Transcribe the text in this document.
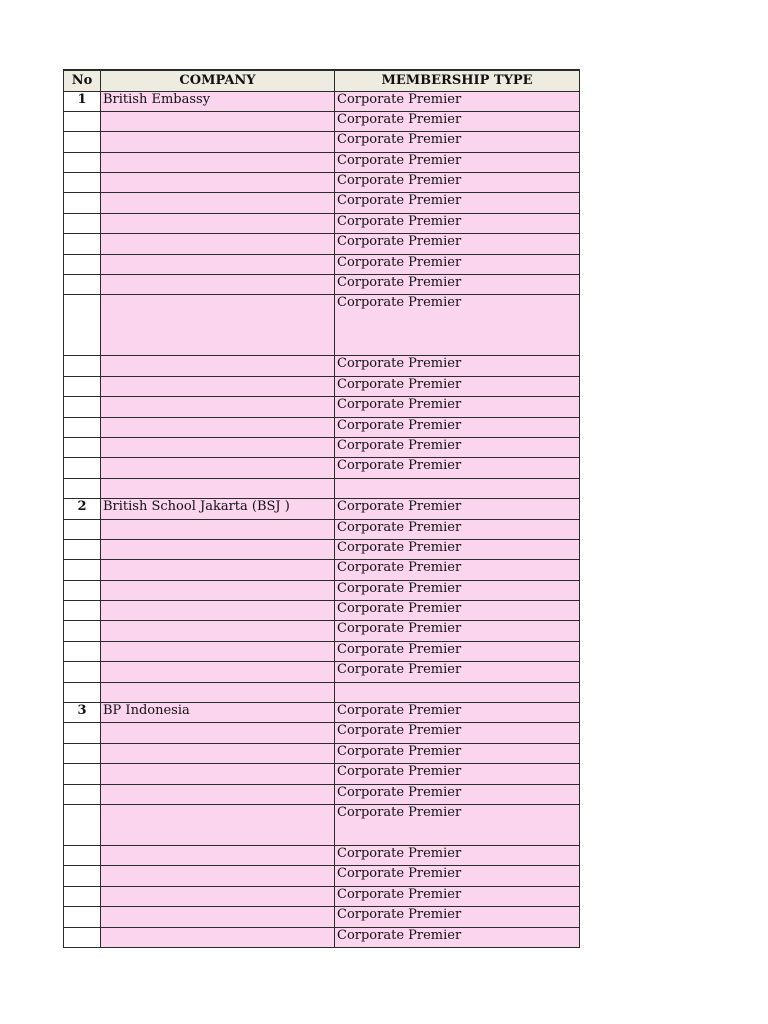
No	COMPANY	MEMBERSHIP TYPE
1	British Embassy	Corporate Premier
		Corporate Premier
		Corporate Premier
		Corporate Premier
		Corporate Premier
		Corporate Premier
		Corporate Premier
		Corporate Premier
		Corporate Premier
		Corporate Premier
		Corporate Premier
		Corporate Premier
		Corporate Premier
		Corporate Premier
		Corporate Premier
		Corporate Premier
		Corporate Premier

2	British School Jakarta (BSJ )	Corporate Premier
		Corporate Premier
		Corporate Premier
		Corporate Premier
		Corporate Premier
		Corporate Premier
		Corporate Premier
		Corporate Premier
		Corporate Premier

3	BP Indonesia	Corporate Premier
		Corporate Premier
		Corporate Premier
		Corporate Premier
		Corporate Premier
		Corporate Premier
		Corporate Premier
		Corporate Premier
		Corporate Premier
		Corporate Premier
		Corporate Premier
